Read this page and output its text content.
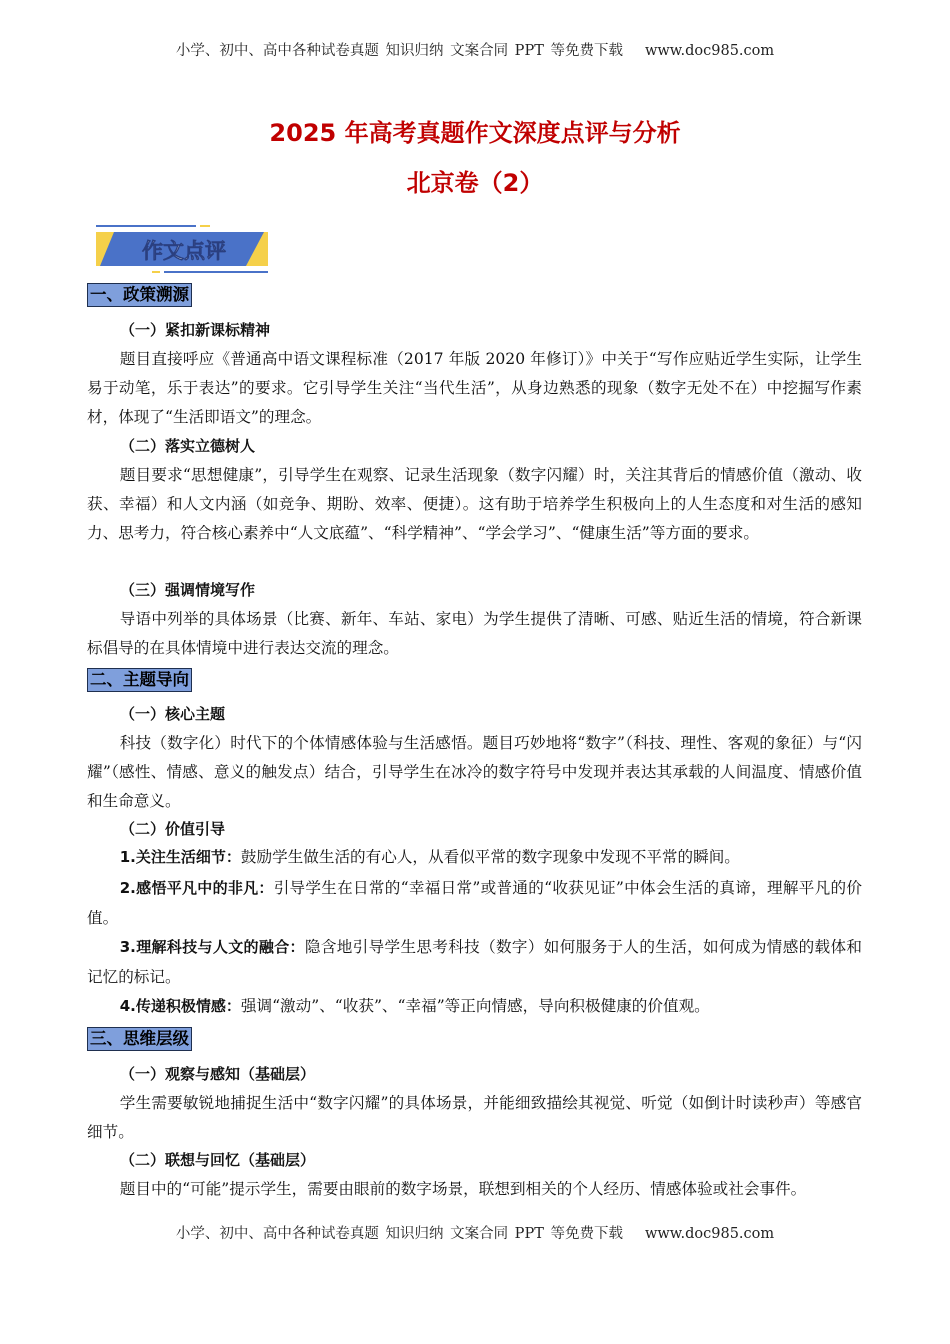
小学、初中、高中各种试卷真题 知识归纳 文案合同 PPT 等免费下载 www.doc985.com
2025 年高考真题作文深度点评与分析
北京卷（2）
作文点评
一、政策溯源
（一）紧扣新课标精神
题目直接呼应《普通高中语文课程标准（2017 年版 2020 年修订）》中关于“写作应贴近学生实际，让学生易于动笔，乐于表达”的要求。它引导学生关注“当代生活”，从身边熟悉的现象（数字无处不在）中挖掘写作素材，体现了“生活即语文”的理念。
（二）落实立德树人
题目要求“思想健康”，引导学生在观察、记录生活现象（数字闪耀）时，关注其背后的情感价值（激动、收获、幸福）和人文内涵（如竞争、期盼、效率、便捷）。这有助于培养学生积极向上的人生态度和对生活的感知力、思考力，符合核心素养中“人文底蕴”、“科学精神”、“学会学习”、“健康生活”等方面的要求。
（三）强调情境写作
导语中列举的具体场景（比赛、新年、车站、家电）为学生提供了清晰、可感、贴近生活的情境，符合新课标倡导的在具体情境中进行表达交流的理念。
二、主题导向
（一）核心主题
科技（数字化）时代下的个体情感体验与生活感悟。题目巧妙地将“数字”（科技、理性、客观的象征）与“闪耀”（感性、情感、意义的触发点）结合，引导学生在冰冷的数字符号中发现并表达其承载的人间温度、情感价值和生命意义。
（二）价值引导
1.关注生活细节：鼓励学生做生活的有心人，从看似平常的数字现象中发现不平常的瞬间。
2.感悟平凡中的非凡：引导学生在日常的“幸福日常”或普通的“收获见证”中体会生活的真谛，理解平凡的价值。
3.理解科技与人文的融合：隐含地引导学生思考科技（数字）如何服务于人的生活，如何成为情感的载体和记忆的标记。
4.传递积极情感：强调“激动”、“收获”、“幸福”等正向情感，导向积极健康的价值观。
三、思维层级
（一）观察与感知（基础层）
学生需要敏锐地捕捉生活中“数字闪耀”的具体场景，并能细致描绘其视觉、听觉（如倒计时读秒声）等感官细节。
（二）联想与回忆（基础层）
题目中的“可能”提示学生，需要由眼前的数字场景，联想到相关的个人经历、情感体验或社会事件。
小学、初中、高中各种试卷真题 知识归纳 文案合同 PPT 等免费下载 www.doc985.com
